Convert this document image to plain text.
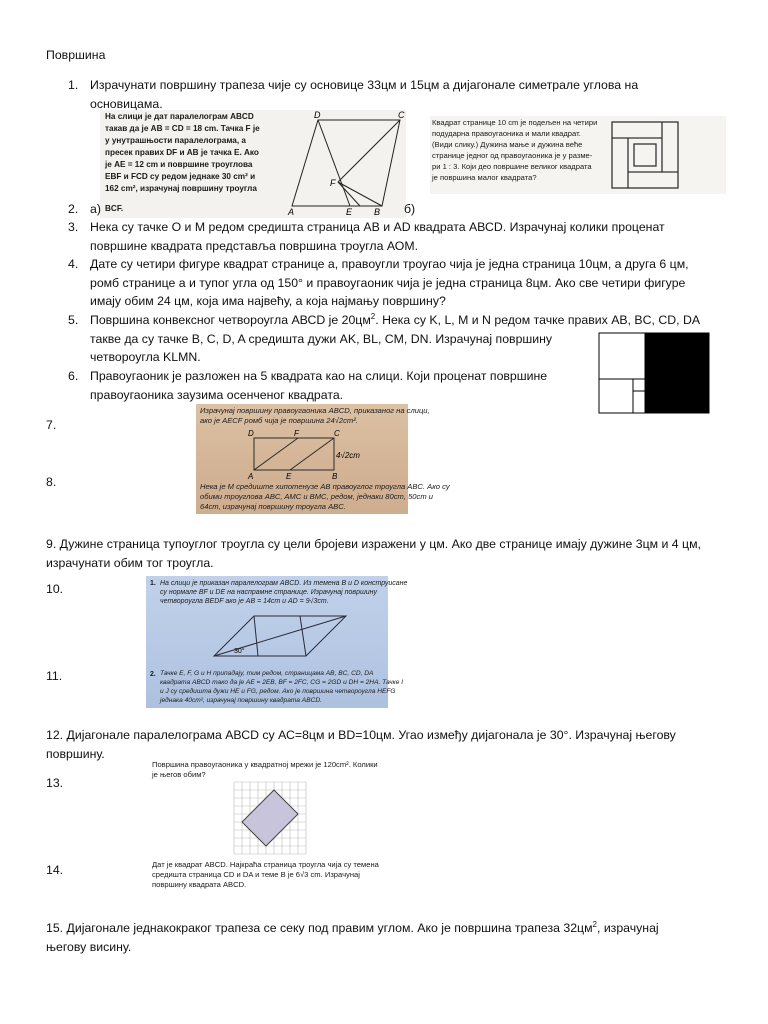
Површина
1. Израчунати површину трапеза чије су основице 33цм и 15цм а дијагонале симетрале углова на
основицама.
На слици је дат паралелограм ABCD
такав да је AB = CD = 18 cm. Тачка F је
у унутрашњости паралелограма, а
пресек правих DF и AB је тачка E. Ако
је AE = 12 cm и површине троуглова
EBF и FCD су редом једнаке 30 cm² и
162 cm², израчунај површину троугла
BCF.
D	C
F
A	E B
Квадрат странице 10 cm је подељен на четири
подударна правоугаоника и мали квадрат.
(Види слику.) Дужина мање и дужина веће
странице једног од правоугаоника је у разме-
ри 1 : 3. Који део површине великог квадрата
је површина малог квадрата?
2. а)	б)
3. Нека су тачке О и М редом средишта страница АВ и АD квадрата АВСD. Израчунај колики проценат
површине квадрата представља површина троугла АОМ.
4. Дате су четири фигуре квадрат странице а, правоугли троугао чија је једна страница 10цм, а друга 6 цм,
ромб странице а и тупог угла од 150° и правоугаоник чија је једна страница 8цм. Ако све четири фигуре
имају обим 24 цм, која има највећу, а која најмању површину?
5. Површина конвексног четвороугла АВСD је $20цм^2$. Нека су K, L, M и N редом тачке правих AB, BC, CD, DA
такве да су тачке B, C, D, A средишта дужи AK, BL, CM, DN. Израчунај површину
четвороугла KLMN.
6. Правоугаоник је разложен на 5 квадрата као на слици. Који проценат површине
правоугаоника заузима осенченог квадрата.
Израчунај површину правоугаоника ABCD, приказаног на слици,
ако је AECF ромб чија је површина 24√2cm².
D	F	C
A	E	B
4√2cm
Нека је M средиште хипотенузе AB правоуглог троугла ABC. Ако су
обими троуглова ABC, AMC и BMC, редом, једнаки 80cm, 50cm и
64cm, израчунај површину троугла ABC.
7.
8.
9. Дужине страница тупоуглог троугла су цели бројеви изражени у цм. Ако две странице имају дужине 3цм и 4 цм,
израчунати обим тог троугла.
1. На слици је приказан паралелограм ABCD. Из темена B и D конструисане
су нормале BF и DE на наспрамне странице. Израчунај површину
четвороугла BEDF ако је AB = 14cm и AD = 9√3cm.
30°
2. Тачке E, F, G и H припадају, тим редом, страницама AB, BC, CD, DA
квадрата ABCD тако да је AE = 2EB, BF = 2FC, CG = 2GD и DH = 2HA. Тачке I
и J су средишта дужи HE и FG, редом. Ако је површина четвороугла HEFG
једнака 40cm², израчунај површину квадрата ABCD.
10.
11.
12. Дијагонале паралелограма АВСD су АС=8цм и ВD=10цм. Угао између дијагонала је 30°. Израчунај његову
површину.
Површина правоугаоника у квадратној мрежи је 120cm². Колики
је његов обим?
Дат је квадрат ABCD. Најкраћа страница троугла чија су темена
средишта страница CD и DA и теме B је 6√3 cm. Израчунај
површину квадрата ABCD.
13.
14.
15. Дијагонале једнакокраког трапеза се секу под правим углом. Ако је површина трапеза $32цм^2$, израчунај
његову висину.
